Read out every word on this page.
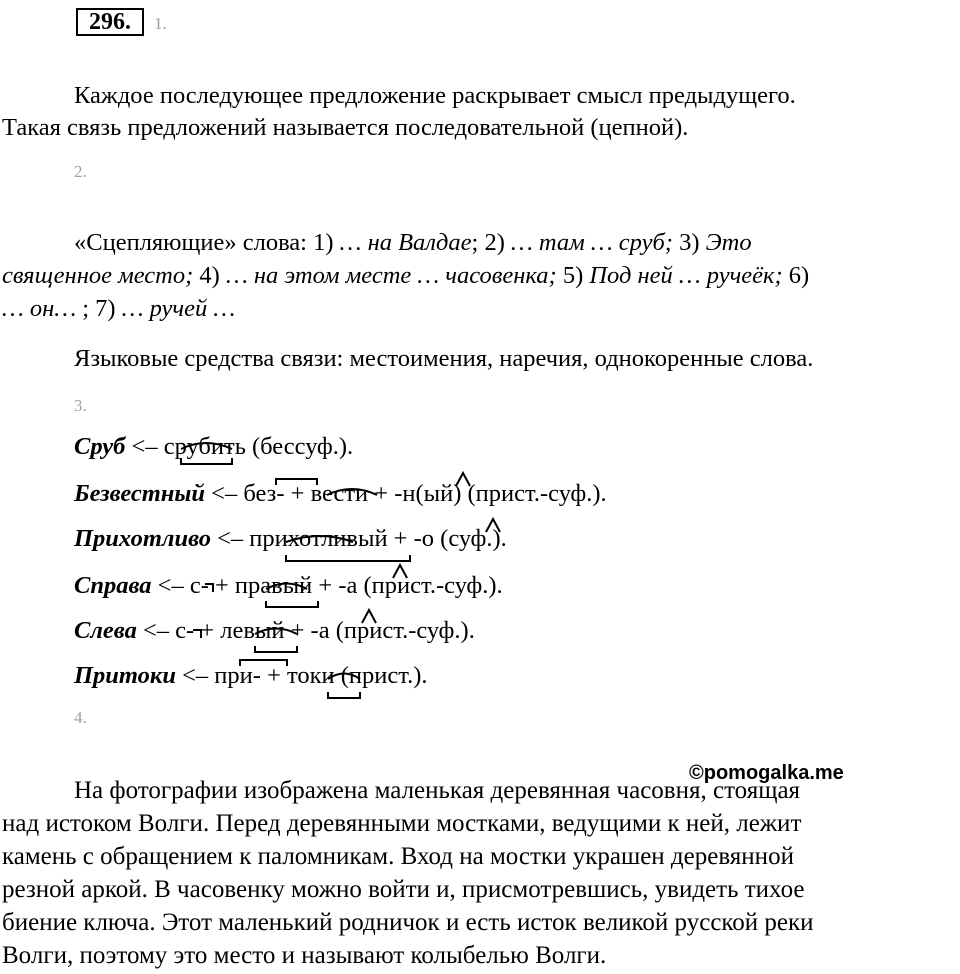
296.	1.
Каждое последующее предложение раскрывает смысл предыдущего.
Такая связь предложений называется последовательной (цепной).
2.
«Сцепляющие» слова: 1) … на Валдае; 2) … там … сруб; 3) Это
священное место; 4) … на этом месте … часовенка; 5) Под ней … ручеёк; 6)
… он… ; 7) … ручей …
Языковые средства связи: местоимения, наречия, однокоренные слова.
3.
Сруб <– срубить (бессуф.).
Безвестный <– без- + вести + -н(ый) (прист.-суф.).
Прихотливо <– прихотливый + -о (суф.).
Справа <– с- + правый + -а (прист.-суф.).
Слева <– с- + левый + -а (прист.-суф.).
Притоки <– при- + токи (прист.).
4.
©pomogalka.me
На фотографии изображена маленькая деревянная часовня, стоящая
над истоком Волги. Перед деревянными мостками, ведущими к ней, лежит
камень с обращением к паломникам. Вход на мостки украшен деревянной
резной аркой. В часовенку можно войти и, присмотревшись, увидеть тихое
биение ключа. Этот маленький родничок и есть исток великой русской реки
Волги, поэтому это место и называют колыбелью Волги.
